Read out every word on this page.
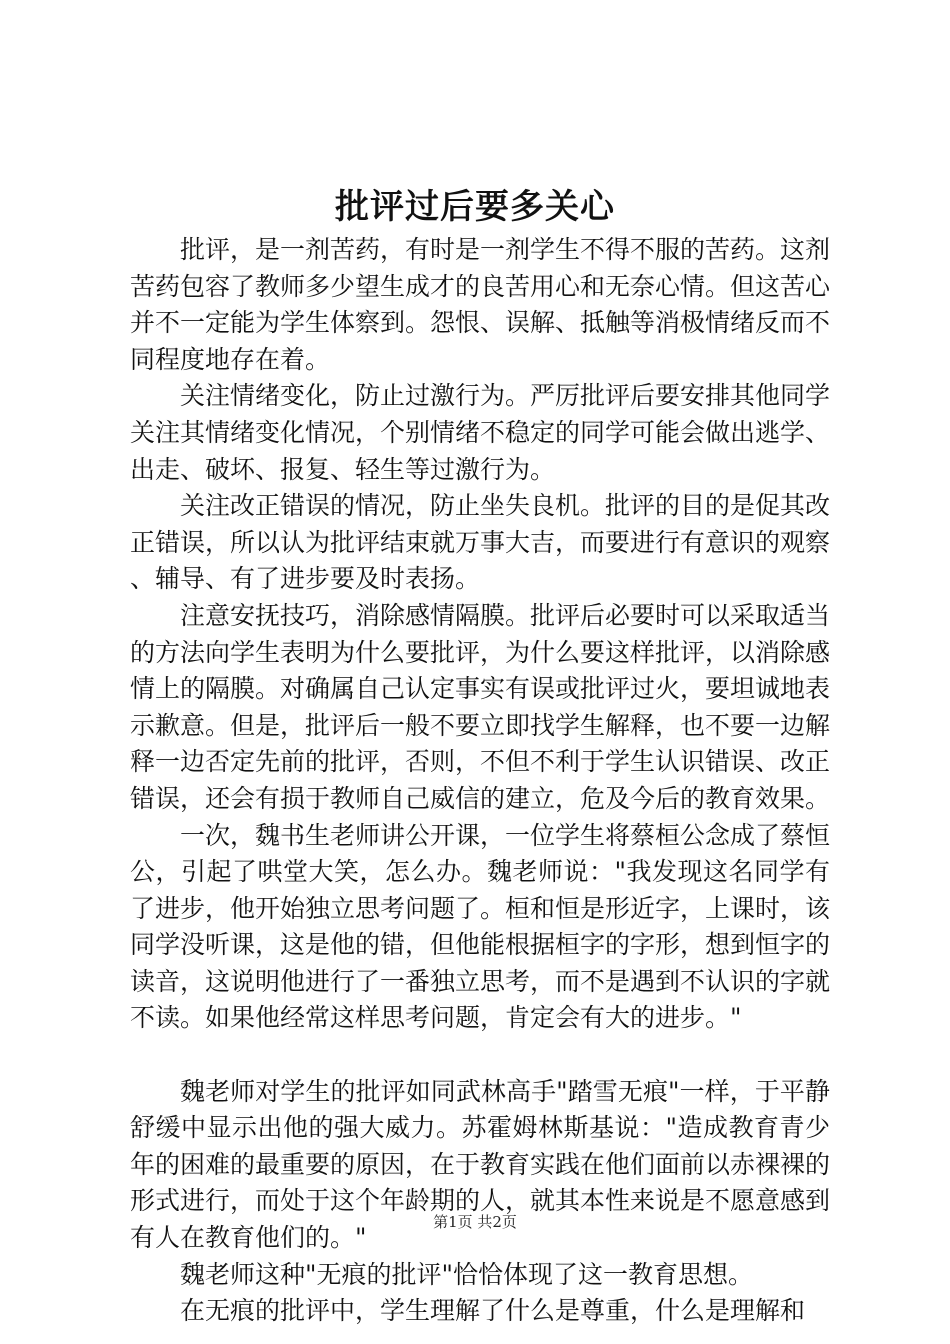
批评过后要多关心

批评，是一剂苦药，有时是一剂学生不得不服的苦药。这剂苦药包容了教师多少望生成才的良苦用心和无奈心情。但这苦心并不一定能为学生体察到。怨恨、误解、抵触等消极情绪反而不同程度地存在着。

关注情绪变化，防止过激行为。严厉批评后要安排其他同学关注其情绪变化情况，个别情绪不稳定的同学可能会做出逃学、出走、破坏、报复、轻生等过激行为。

关注改正错误的情况，防止坐失良机。批评的目的是促其改正错误，所以认为批评结束就万事大吉，而要进行有意识的观察、辅导、有了进步要及时表扬。

注意安抚技巧，消除感情隔膜。批评后必要时可以采取适当的方法向学生表明为什么要批评，为什么要这样批评，以消除感情上的隔膜。对确属自己认定事实有误或批评过火，要坦诚地表示歉意。但是，批评后一般不要立即找学生解释，也不要一边解释一边否定先前的批评，否则，不但不利于学生认识错误、改正错误，还会有损于教师自己威信的建立，危及今后的教育效果。

一次，魏书生老师讲公开课，一位学生将蔡桓公念成了蔡恒公，引起了哄堂大笑，怎么办。魏老师说："我发现这名同学有了进步，他开始独立思考问题了。桓和恒是形近字，上课时，该同学没听课，这是他的错，但他能根据桓字的字形，想到恒字的读音，这说明他进行了一番独立思考，而不是遇到不认识的字就不读。如果他经常这样思考问题，肯定会有大的进步。"

魏老师对学生的批评如同武林高手"踏雪无痕"一样，于平静舒缓中显示出他的强大威力。苏霍姆林斯基说："造成教育青少年的困难的最重要的原因，在于教育实践在他们面前以赤裸裸的形式进行，而处于这个年龄期的人，就其本性来说是不愿意感到有人在教育他们的。"

魏老师这种"无痕的批评"恰恰体现了这一教育思想。

在无痕的批评中，学生理解了什么是尊重，什么是理解和

第1页 共2页
